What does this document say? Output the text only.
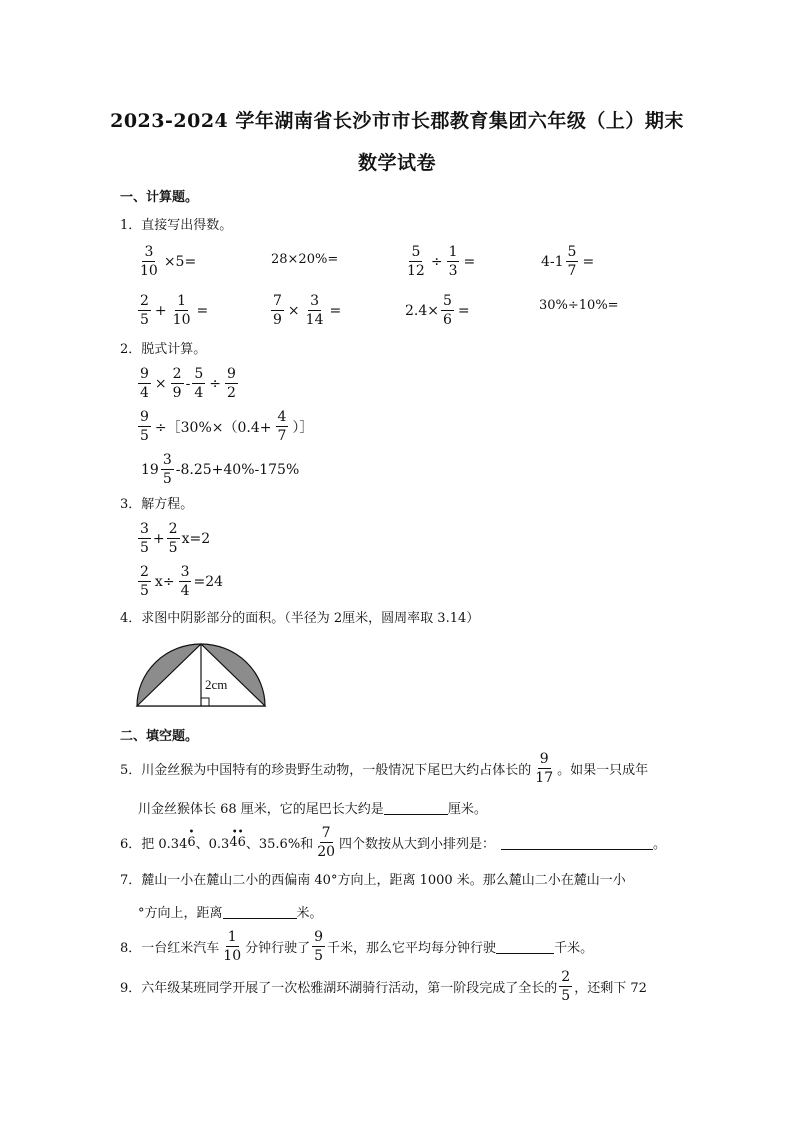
2023-2024 学年湖南省长沙市市长郡教育集团六年级（上）期末
数学试卷
一、计算题。
1．直接写出得数。
$\frac{3}{10} \times 5=$	28×20%=	$\frac{5}{12} \div \frac{1}{3}$ =	$4-1 \frac{5}{7}$ =
$\frac{2}{5} + \frac{1}{10}$ =	$\frac{7}{9} \times \frac{3}{14}$ =	$2.4\times \frac{5}{6}$ =	30%÷10%=
2．脱式计算。
$\frac{9}{4} \times \frac{2}{9} - \frac{5}{4} \div \frac{9}{2}$
$\frac{9}{5}$ ÷［30%×（0.4+ $\frac{4}{7}$ ）］
$19 \frac{3}{5} -8.25+40\%-175\%$
3．解方程。
$\frac{3}{5} + \frac{2}{5} x=2$
$\frac{2}{5} x\div \frac{3}{4} =24$
4．求图中阴影部分的面积。（半径为 2厘米，圆周率取 3.14）
2cm
二、填空题。
5．川金丝猴为中国特有的珍贵野生动物，一般情况下尾巴大约占体长的 $\frac{9}{17}$ 。如果一只成年
川金丝猴体长 68 厘米，它的尾巴长大约是	厘米。
6．把 0.34 6
•
、0.3 46
••
、35.6%和 $\frac{7}{20}$ 四个数按从大到小排列是：	。
7．麓山一小在麓山二小的西偏南 40°方向上，距离 1000 米。那么麓山二小在麓山一小
°方向上，距离	米。
8．一台红米汽车 $\frac{1}{10}$ 分钟行驶了 $\frac{9}{5}$ 千米，那么它平均每分钟行驶	千米。
9．六年级某班同学开展了一次松雅湖环湖骑行活动，第一阶段完成了全长的 $\frac{2}{5}$ ，还剩下 72
